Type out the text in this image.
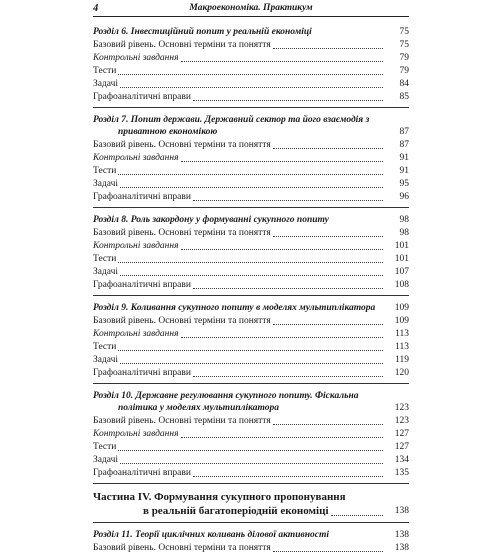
4	Макроекономіка. Практикум
Розділ 6. Інвестиційний попит у реальній економіці	75
Базовий рівень. Основні терміни та поняття	75
Контрольні завдання	79
Тести	79
Задачі	84
Графоаналітичні вправи	85
Розділ 7. Попит держави. Державний сектор та його взаємодія з
приватною економікою	87
Базовий рівень. Основні терміни та поняття	87
Контрольні завдання	91
Тести	91
Задачі	95
Графоаналітичні вправи	96
Розділ 8. Роль закордону у формуванні сукупного попиту	98
Базовий рівень. Основні терміни та поняття	98
Контрольні завдання	101
Тести	101
Задачі	107
Графоаналітичні вправи	108
Розділ 9. Коливання сукупного попиту в моделях мультиплікатора	109
Базовий рівень. Основні терміни та поняття	109
Контрольні завдання	113
Тести	113
Задачі	119
Графоаналітичні вправи	120
Розділ 10. Державне регулювання сукупного попиту. Фіскальна
політика у моделях мультиплікатора	123
Базовий рівень. Основні терміни та поняття	123
Контрольні завдання	127
Тести	127
Задачі	134
Графоаналітичні вправи	135
Частина IV. Формування сукупного пропонування
в реальній багатоперіодній економіці	138
Розділ 11. Теорії циклічних коливань ділової активності	138
Базовий рівень. Основні терміни та поняття	138
